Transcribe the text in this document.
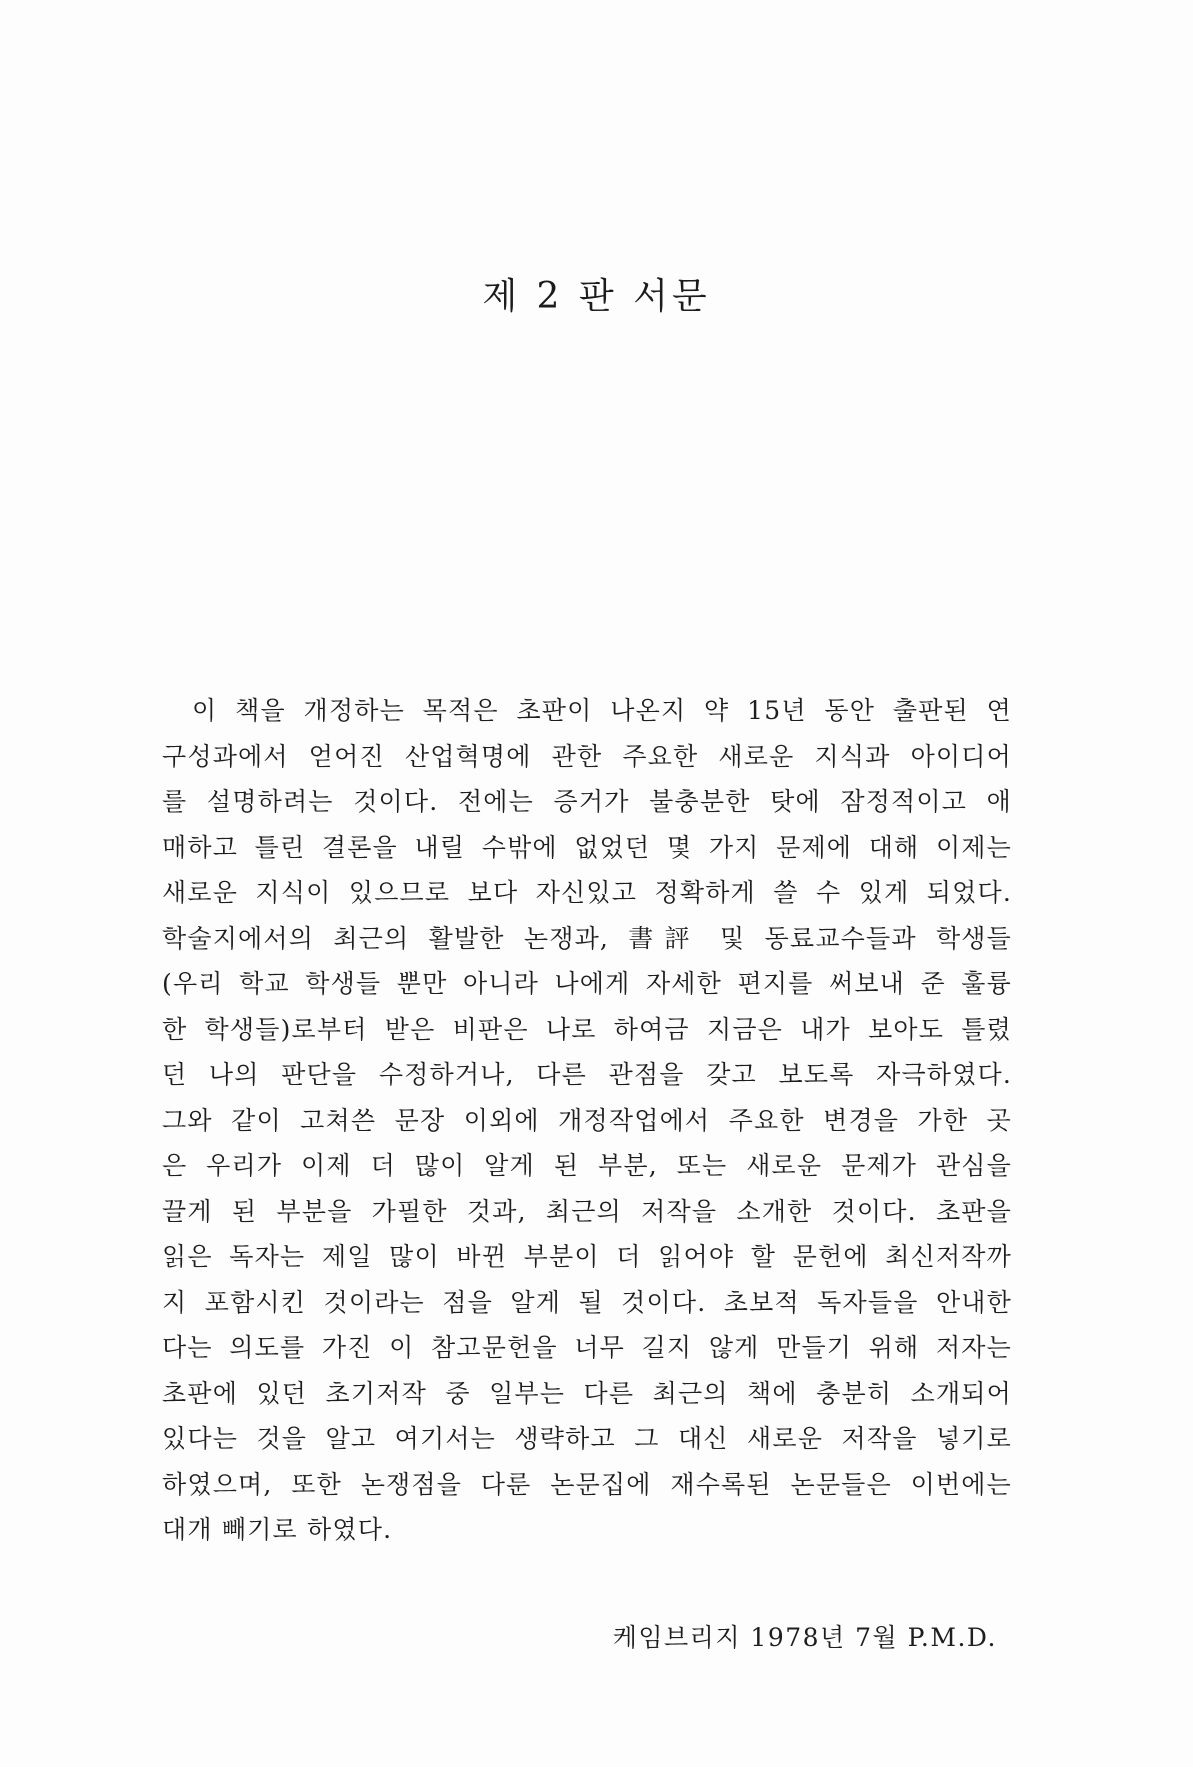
제 2 판 서문
이 책을 개정하는 목적은 초판이 나온지 약 15년 동안 출판된 연
구성과에서 얻어진 산업혁명에 관한 주요한 새로운 지식과 아이디어
를 설명하려는 것이다. 전에는 증거가 불충분한 탓에 잠정적이고 애
매하고 틀린 결론을 내릴 수밖에 없었던 몇 가지 문제에 대해 이제는
새로운 지식이 있으므로 보다 자신있고 정확하게 쓸 수 있게 되었다.
학술지에서의 최근의 활발한 논쟁과, 書評 및 동료교수들과 학생들
(우리 학교 학생들 뿐만 아니라 나에게 자세한 편지를 써보내 준 훌륭
한 학생들)로부터 받은 비판은 나로 하여금 지금은 내가 보아도 틀렸
던 나의 판단을 수정하거나, 다른 관점을 갖고 보도록 자극하였다.
그와 같이 고쳐쓴 문장 이외에 개정작업에서 주요한 변경을 가한 곳
은 우리가 이제 더 많이 알게 된 부분, 또는 새로운 문제가 관심을
끌게 된 부분을 가필한 것과, 최근의 저작을 소개한 것이다. 초판을
읽은 독자는 제일 많이 바뀐 부분이 더 읽어야 할 문헌에 최신저작까
지 포함시킨 것이라는 점을 알게 될 것이다. 초보적 독자들을 안내한
다는 의도를 가진 이 참고문헌을 너무 길지 않게 만들기 위해 저자는
초판에 있던 초기저작 중 일부는 다른 최근의 책에 충분히 소개되어
있다는 것을 알고 여기서는 생략하고 그 대신 새로운 저작을 넣기로
하였으며, 또한 논쟁점을 다룬 논문집에 재수록된 논문들은 이번에는
대개 빼기로 하였다.

케임브리지 1978년 7월 P.M.D.
